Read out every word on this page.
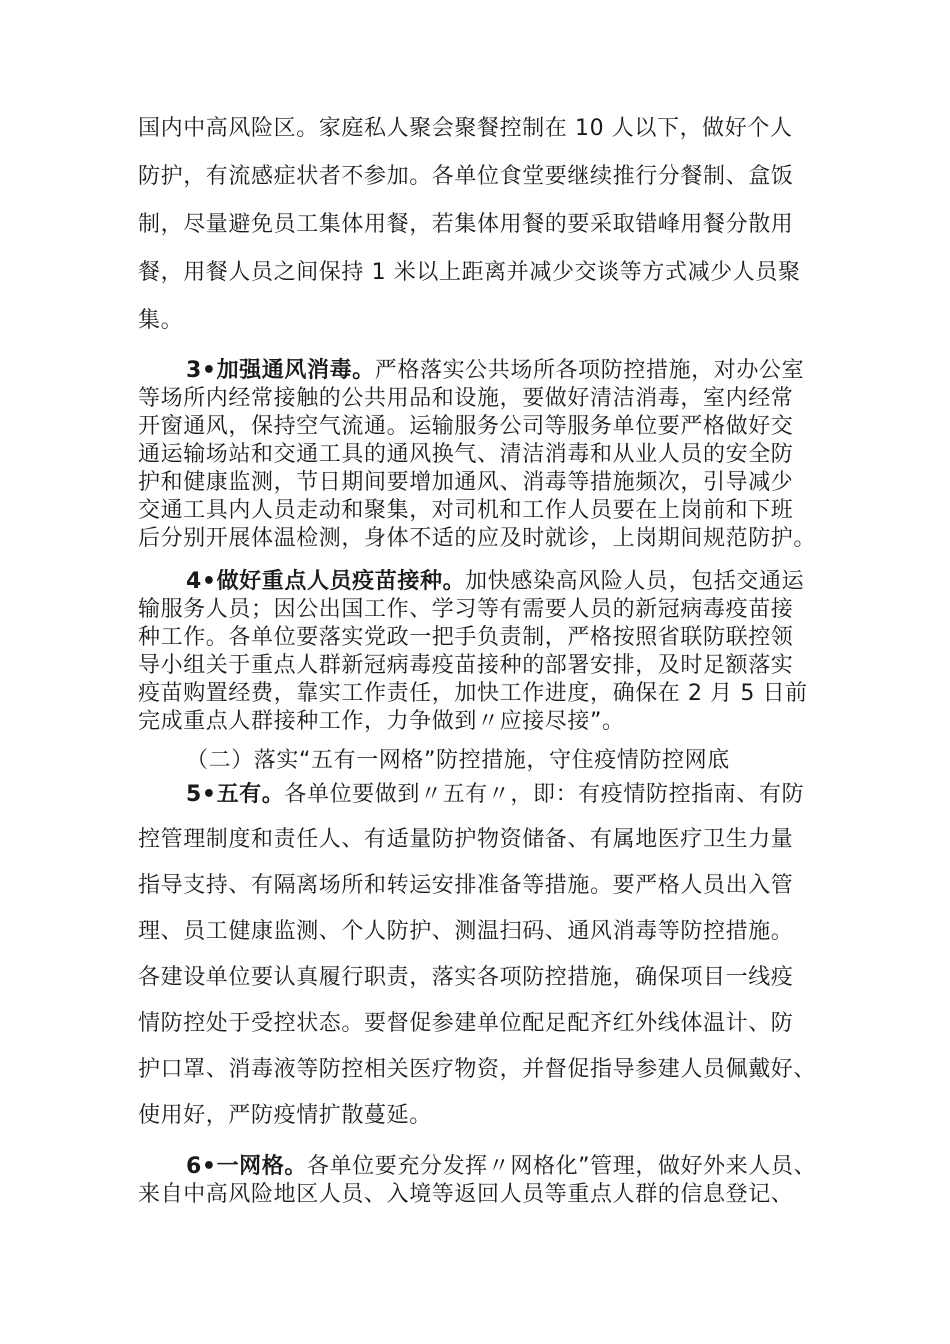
国内中高风险区。家庭私人聚会聚餐控制在 10 人以下，做好个人
防护，有流感症状者不参加。各单位食堂要继续推行分餐制、盒饭
制，尽量避免员工集体用餐，若集体用餐的要采取错峰用餐分散用
餐，用餐人员之间保持 1 米以上距离并减少交谈等方式减少人员聚
集。
3•加强通风消毒。严格落实公共场所各项防控措施，对办公室
等场所内经常接触的公共用品和设施，要做好清洁消毒，室内经常
开窗通风，保持空气流通。运输服务公司等服务单位要严格做好交
通运输场站和交通工具的通风换气、清洁消毒和从业人员的安全防
护和健康监测，节日期间要增加通风、消毒等措施频次，引导减少
交通工具内人员走动和聚集，对司机和工作人员要在上岗前和下班
后分别开展体温检测，身体不适的应及时就诊，上岗期间规范防护。
4•做好重点人员疫苗接种。加快感染高风险人员，包括交通运
输服务人员；因公出国工作、学习等有需要人员的新冠病毒疫苗接
种工作。各单位要落实党政一把手负责制，严格按照省联防联控领
导小组关于重点人群新冠病毒疫苗接种的部署安排，及时足额落实
疫苗购置经费，靠实工作责任，加快工作进度，确保在 2 月 5 日前
完成重点人群接种工作，力争做到〃应接尽接”。
（二）落实“五有一网格”防控措施，守住疫情防控网底
5•五有。各单位要做到〃五有〃，即：有疫情防控指南、有防
控管理制度和责任人、有适量防护物资储备、有属地医疗卫生力量
指导支持、有隔离场所和转运安排准备等措施。要严格人员出入管
理、员工健康监测、个人防护、测温扫码、通风消毒等防控措施。
各建设单位要认真履行职责，落实各项防控措施，确保项目一线疫
情防控处于受控状态。要督促参建单位配足配齐红外线体温计、防
护口罩、消毒液等防控相关医疗物资，并督促指导参建人员佩戴好、
使用好，严防疫情扩散蔓延。
6•一网格。各单位要充分发挥〃网格化”管理，做好外来人员、
来自中高风险地区人员、入境等返回人员等重点人群的信息登记、
